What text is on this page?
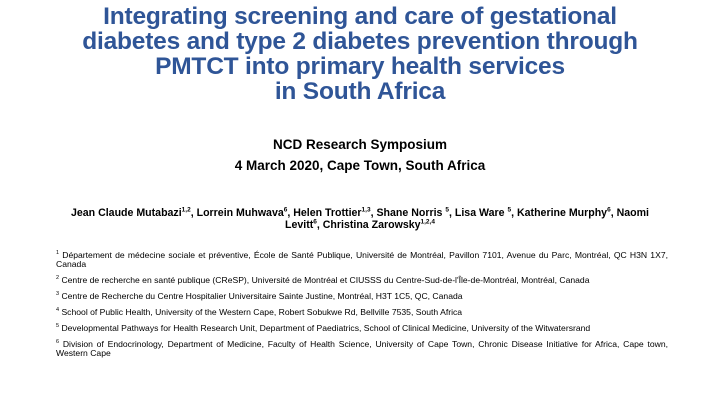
Integrating screening and care of gestational
diabetes and type 2 diabetes prevention through
PMTCT into primary health services
in South Africa
NCD Research Symposium
4 March 2020, Cape Town, South Africa
Jean Claude Mutabazi$^{1,2}$, Lorrein Muhwava$^6$, Helen Trottier$^{1,3}$, Shane Norris $^5$, Lisa Ware $^5$, Katherine Murphy$^6$, Naomi Levitt$^6$, Christina Zarowsky$^{1,2,4}$

$^1$ Département de médecine sociale et préventive, École de Santé Publique, Université de Montréal, Pavillon 7101, Avenue du Parc, Montréal, QC H3N 1X7, Canada

$^2$ Centre de recherche en santé publique (CReSP), Université de Montréal et CIUSSS du Centre-Sud-de-l'Île-de-Montréal, Montréal, Canada

$^3$ Centre de Recherche du Centre Hospitalier Universitaire Sainte Justine, Montréal, H3T 1C5, QC, Canada

$^4$ School of Public Health, University of the Western Cape, Robert Sobukwe Rd, Bellville 7535, South Africa

$^5$ Developmental Pathways for Health Research Unit, Department of Paediatrics, School of Clinical Medicine, University of the Witwatersrand

$^6$ Division of Endocrinology, Department of Medicine, Faculty of Health Science, University of Cape Town, Chronic Disease Initiative for Africa, Cape town, Western Cape
